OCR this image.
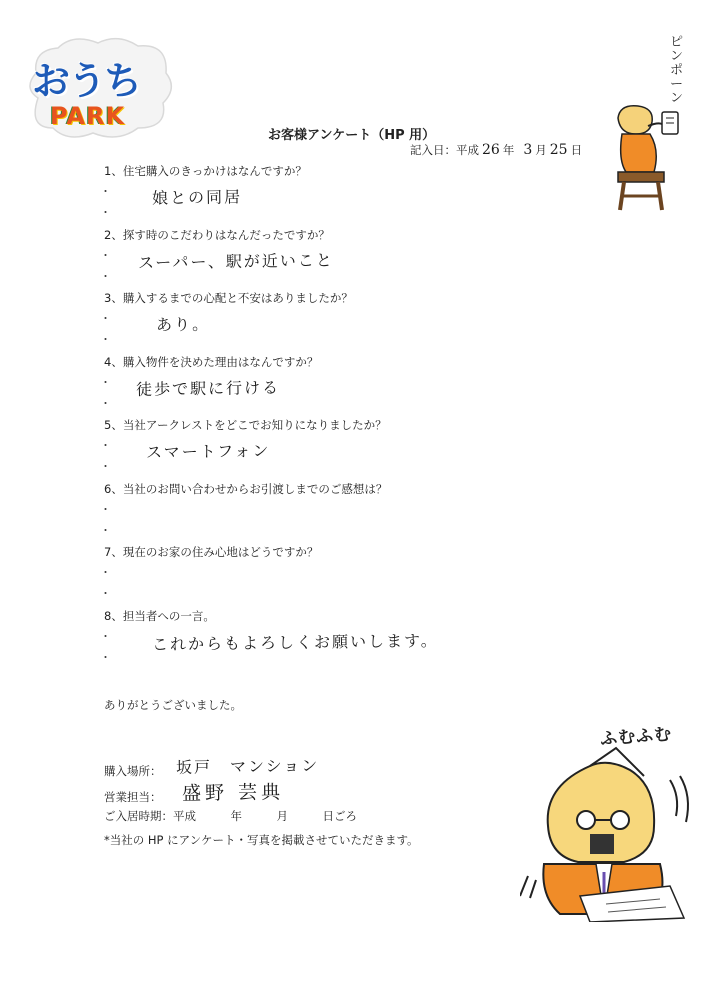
おうち
PARK
ピンポーン
お客様アンケート（HP 用）
記入日：平成 26 年 3 月 25 日
1、住宅購入のきっかけはなんですか？
・
・
娘との同居
2、探す時のこだわりはなんだったですか？
・
・
スーパー、駅が近いこと
3、購入するまでの心配と不安はありましたか？
・
・
あり。
4、購入物件を決めた理由はなんですか？
・
・
徒歩で駅に行ける
5、当社アークレストをどこでお知りになりましたか？
・
・
スマートフォン
6、当社のお問い合わせからお引渡しまでのご感想は？
・
・
7、現在のお家の住み心地はどうですか？
・
・
8、担当者への一言。
・
・
これからもよろしくお願いします。
ありがとうございました。
購入場所： 坂戸　マンション
営業担当： 盛野 芸典
ご入居時期：平成　　　年　　　月　　　日ごろ
*当社の HP にアンケート・写真を掲載させていただきます。
ふむふむ
